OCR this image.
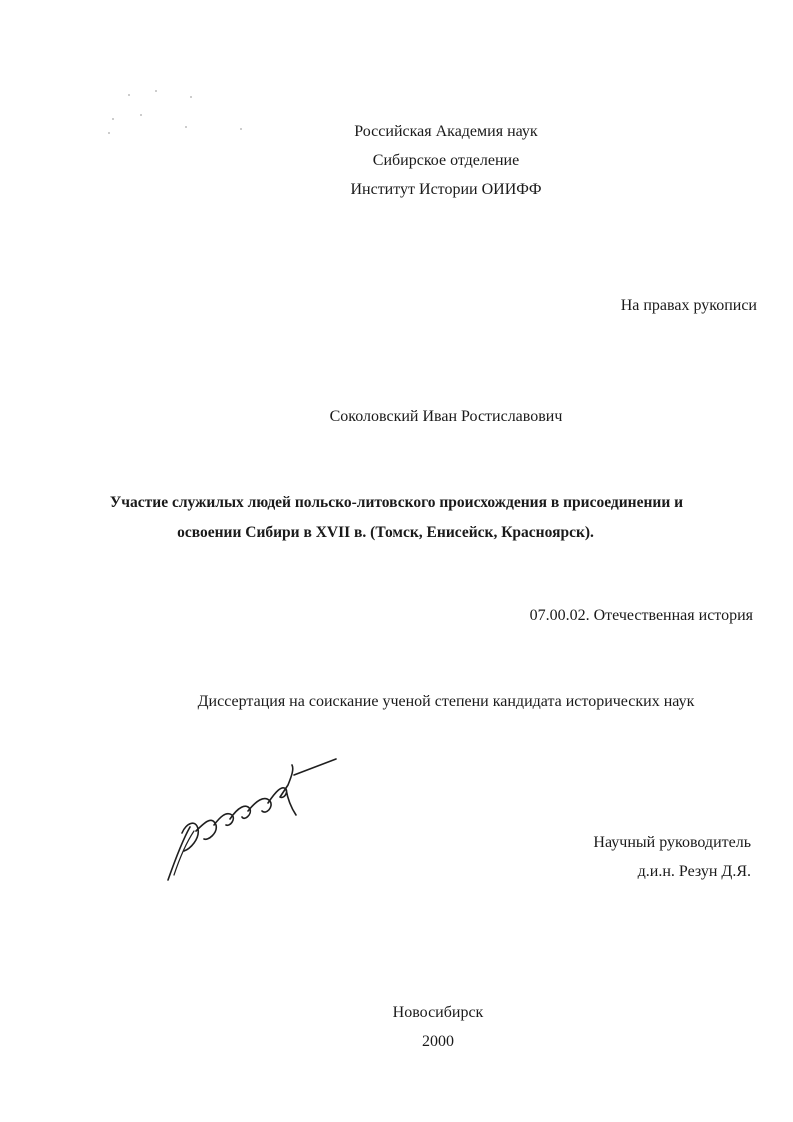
Российская Академия наук
Сибирское отделение
Институт Истории ОИИФФ
На правах рукописи
Соколовский Иван Ростиславович
Участие служилых людей польско-литовского происхождения в присоединении и
освоении Сибири в XVII в. (Томск, Енисейск, Красноярск).
07.00.02. Отечественная история
Диссертация на соискание ученой степени кандидата исторических наук
Научный руководитель
д.и.н. Резун Д.Я.
Новосибирск
2000
